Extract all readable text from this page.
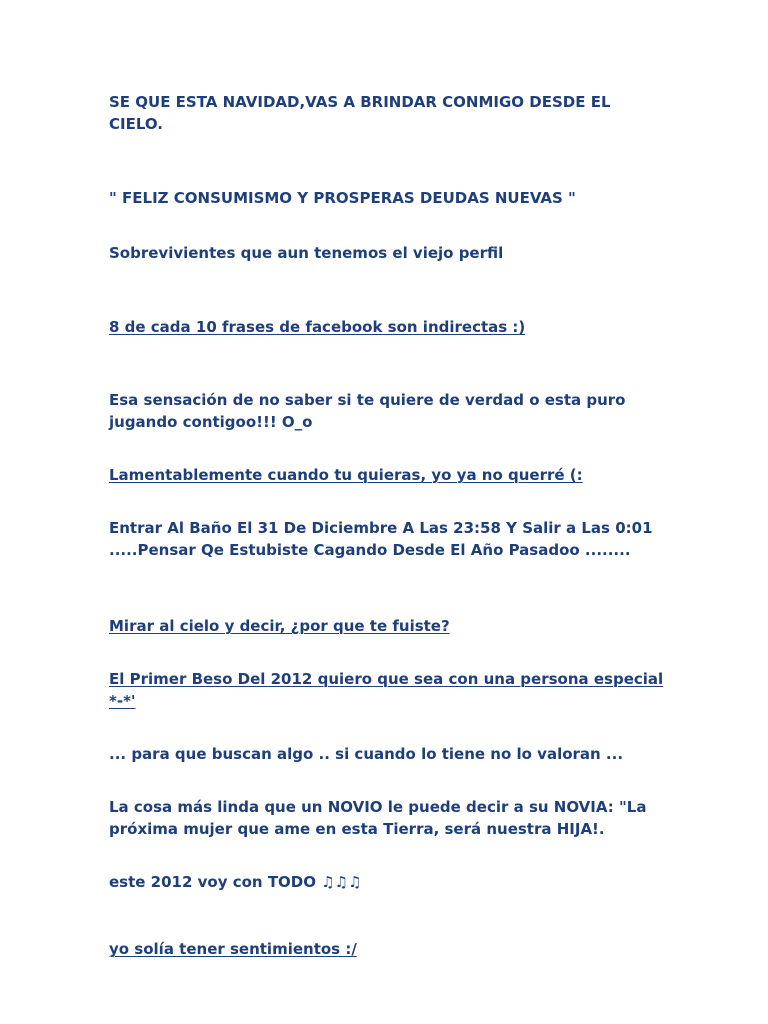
SE QUE ESTA NAVIDAD,VAS A BRINDAR CONMIGO DESDE EL CIELO.

" FELIZ CONSUMISMO Y PROSPERAS DEUDAS NUEVAS "

Sobrevivientes que aun tenemos el viejo perfil

8 de cada 10 frases de facebook son indirectas :)

Esa sensación de no saber si te quiere de verdad o esta puro jugando contigoo!!! O_o

Lamentablemente cuando tu quieras, yo ya no querré (:

Entrar Al Baño El 31 De Diciembre A Las 23:58 Y Salir a Las 0:01 .....Pensar Qe Estubiste Cagando Desde El Año Pasadoo ........

Mirar al cielo y decir, ¿por que te fuiste?

El Primer Beso Del 2012 quiero que sea con una persona especial *-*'

... para que buscan algo .. si cuando lo tiene no lo valoran ...

La cosa más linda que un NOVIO le puede decir a su NOVIA: "La próxima mujer que ame en esta Tierra, será nuestra HIJA!.

este 2012 voy con TODO ♫♫♫

yo solía tener sentimientos :/
